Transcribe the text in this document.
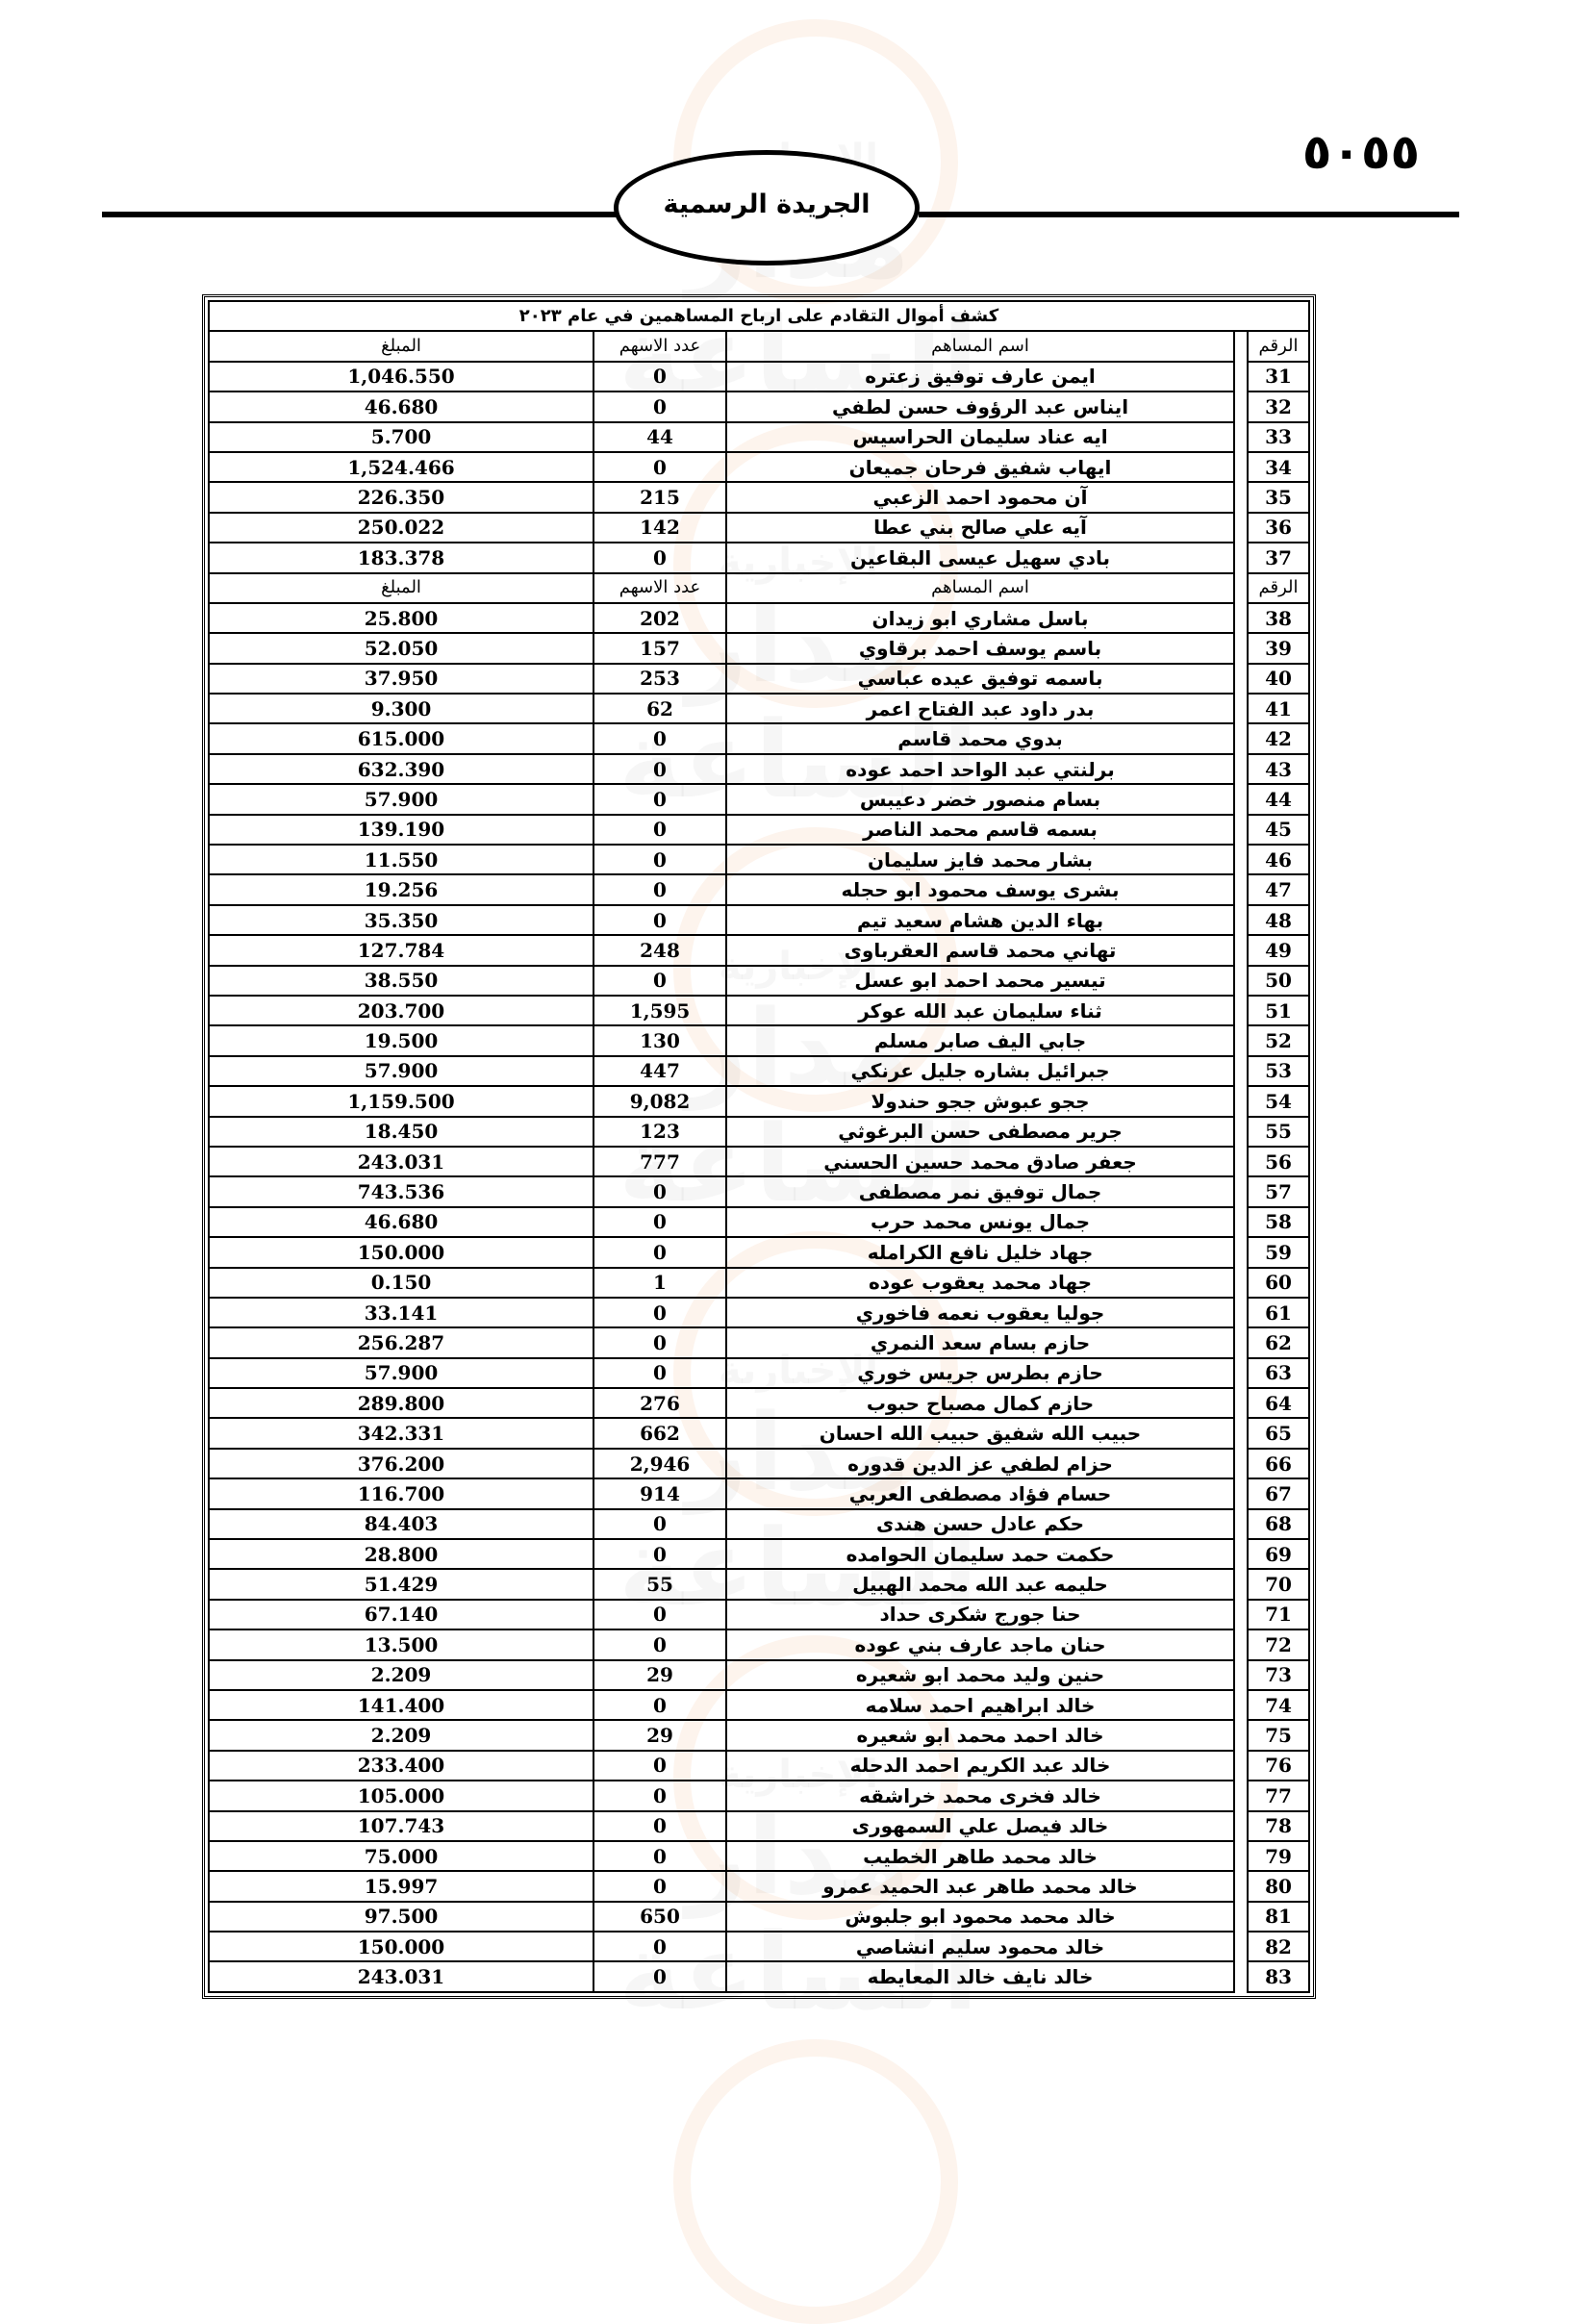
٥٠٥٥
الجريدة الرسمية
كشف أموال التقادم على ارباح المساهمين في عام ٢٠٢٣				
الرقم		اسم المساهم	عدد الاسهم	المبلغ
31		ايمن عارف توفيق زعتره	0	1,046.550
32		ايناس عبد الرؤوف حسن لطفي	0	46.680
33		ايه عناد سليمان الحراسيس	44	5.700
34		ايهاب شفيق فرحان جميعان	0	1,524.466
35		آن محمود احمد الزعبي	215	226.350
36		آيه علي صالح بني عطا	142	250.022
37		بادي سهيل عيسى البقاعين	0	183.378
الرقم		اسم المساهم	عدد الاسهم	المبلغ
38		باسل مشاري ابو زيدان	202	25.800
39		باسم يوسف احمد برقاوي	157	52.050
40		باسمه توفيق عيده عباسي	253	37.950
41		بدر داود عبد الفتاح اعمر	62	9.300
42		بدوي محمد قاسم	0	615.000
43		برلنتي عبد الواحد احمد عوده	0	632.390
44		بسام منصور خضر دعيبس	0	57.900
45		بسمه قاسم محمد الناصر	0	139.190
46		بشار محمد فايز سليمان	0	11.550
47		بشرى يوسف محمود ابو حجله	0	19.256
48		بهاء الدين هشام سعيد تيم	0	35.350
49		تهاني محمد قاسم العقرباوى	248	127.784
50		تيسير محمد احمد ابو عسل	0	38.550
51		ثناء سليمان عبد الله عوكر	1,595	203.700
52		جابي اليف صابر مسلم	130	19.500
53		جبرائيل بشاره جليل عرنكي	447	57.900
54		ججو عبوش ججو حندولا	9,082	1,159.500
55		جرير مصطفى حسن البرغوثي	123	18.450
56		جعفر صادق محمد حسين الحسني	777	243.031
57		جمال توفيق نمر مصطفى	0	743.536
58		جمال يونس محمد حرب	0	46.680
59		جهاد خليل نافع الكرامله	0	150.000
60		جهاد محمد يعقوب عوده	1	0.150
61		جوليا يعقوب نعمه فاخوري	0	33.141
62		حازم بسام سعد النمري	0	256.287
63		حازم بطرس جريس خوري	0	57.900
64		حازم كمال مصباح حبوب	276	289.800
65		حبيب الله شفيق حبيب الله احسان	662	342.331
66		حزام لطفي عز الدين قدوره	2,946	376.200
67		حسام فؤاد مصطفى العربي	914	116.700
68		حكم عادل حسن هندى	0	84.403
69		حكمت حمد سليمان الحوامده	0	28.800
70		حليمه عبد الله محمد الهبيل	55	51.429
71		حنا جورج شكرى حداد	0	67.140
72		حنان ماجد عارف بني عوده	0	13.500
73		حنين وليد محمد ابو شعيره	29	2.209
74		خالد ابراهيم احمد سلامه	0	141.400
75		خالد احمد محمد ابو شعيره	29	2.209
76		خالد عبد الكريم احمد الدحله	0	233.400
77		خالد فخرى محمد خراشقه	0	105.000
78		خالد فيصل علي السمهورى	0	107.743
79		خالد محمد طاهر الخطيب	0	75.000
80		خالد محمد طاهر عبد الحميد عمرو	0	15.997
81		خالد محمد محمود ابو جلبوش	650	97.500
82		خالد محمود سليم انشاصي	0	150.000
83		خالد نايف خالد المعايطه	0	243.031
